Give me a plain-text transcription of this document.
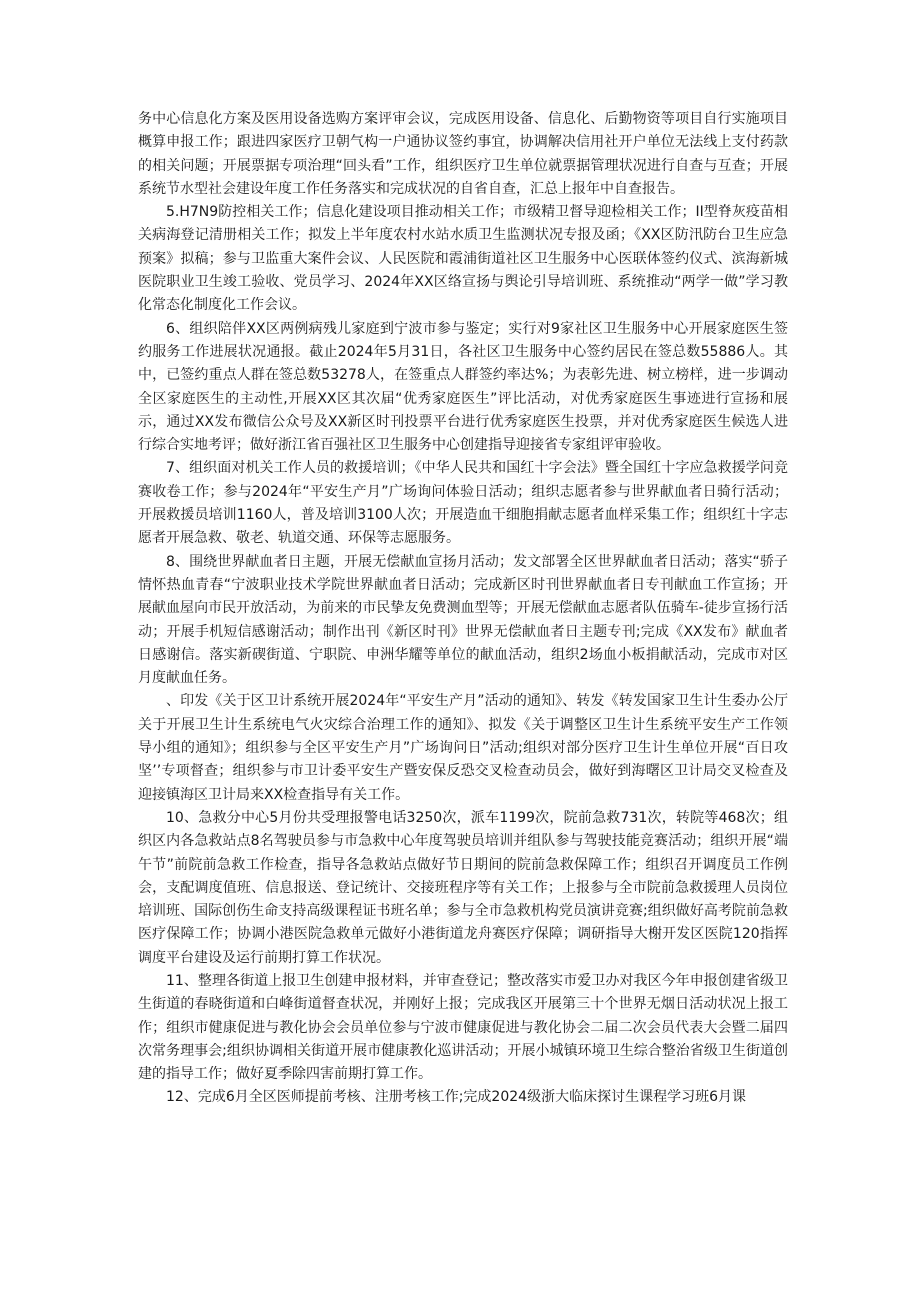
务中心信息化方案及医用设备选购方案评审会议，完成医用设备、信息化、后勤物资等项目自行实施项目概算申报工作；跟进四家医疗卫朝气构一户通协议签约事宜，协调解决信用社开户单位无法线上支付药款的相关问题；开展票据专项治理“回头看”工作，组织医疗卫生单位就票据管理状况进行自查与互查；开展系统节水型社会建设年度工作任务落实和完成状况的自省自查，汇总上报年中自查报告。

5.H7N9防控相关工作；信息化建设项目推动相关工作；市级精卫督导迎检相关工作；II型脊灰疫苗相关病海登记清册相关工作；拟发上半年度农村水站水质卫生监测状况专报及函；《XX区防汛防台卫生应急预案》拟稿；参与卫监重大案件会议、人民医院和霞浦街道社区卫生服务中心医联体签约仪式、滨海新城医院职业卫生竣工验收、党员学习、2024年XX区络宣扬与舆论引导培训班、系统推动“两学一做”学习教化常态化制度化工作会议。

6、组织陪伴XX区两例病残儿家庭到宁波市参与鉴定；实行对9家社区卫生服务中心开展家庭医生签约服务工作进展状况通报。截止2024年5月31日，各社区卫生服务中心签约居民在签总数55886人。其中，已签约重点人群在签总数53278人，在签重点人群签约率达%；为表彰先进、树立榜样，进一步调动全区家庭医生的主动性,开展XX区其次届“优秀家庭医生”评比活动，对优秀家庭医生事迹进行宣扬和展示，通过XX发布微信公众号及XX新区时刊投票平台进行优秀家庭医生投票，并对优秀家庭医生候选人进行综合实地考评；做好浙江省百强社区卫生服务中心创建指导迎接省专家组评审验收。

7、组织面对机关工作人员的救援培训；《中华人民共和国红十字会法》暨全国红十字应急救援学问竞赛收卷工作；参与2024年“平安生产月”广场询问体验日活动；组织志愿者参与世界献血者日骑行活动；开展救援员培训1160人，普及培训3100人次；开展造血干细胞捐献志愿者血样采集工作；组织红十字志愿者开展急救、敬老、轨道交通、环保等志愿服务。

8、围绕世界献血者日主题，开展无偿献血宣扬月活动；发文部署全区世界献血者日活动；落实“骄子情怀热血青春“宁波职业技术学院世界献血者日活动；完成新区时刊世界献血者日专刊献血工作宣扬；开展献血屋向市民开放活动，为前来的市民挚友免费测血型等；开展无偿献血志愿者队伍骑车-徒步宣扬行活动；开展手机短信感谢活动；制作出刊《新区时刊》世界无偿献血者日主题专刊;完成《XX发布》献血者日感谢信。落实新碶街道、宁职院、申洲华耀等单位的献血活动，组织2场血小板捐献活动，完成市对区月度献血任务。

、印发《关于区卫计系统开展2024年“平安生产月”活动的通知》、转发《转发国家卫生计生委办公厅关于开展卫生计生系统电气火灾综合治理工作的通知》、拟发《关于调整区卫生计生系统平安生产工作领导小组的通知》；组织参与全区平安生产月”广场询问日”活动;组织对部分医疗卫生计生单位开展“百日攻坚’’专项督查；组织参与市卫计委平安生产暨安保反恐交叉检查动员会，做好到海曙区卫计局交叉检查及迎接镇海区卫计局来XX检查指导有关工作。

10、急救分中心5月份共受理报警电话3250次，派车1199次，院前急救731次，转院等468次；组织区内各急救站点8名驾驶员参与市急救中心年度驾驶员培训并组队参与驾驶技能竞赛活动；组织开展“端午节”前院前急救工作检查，指导各急救站点做好节日期间的院前急救保障工作；组织召开调度员工作例会，支配调度值班、信息报送、登记统计、交接班程序等有关工作；上报参与全市院前急救援理人员岗位培训班、国际创伤生命支持高级课程证书班名单；参与全市急救机构党员演讲竞赛;组织做好高考院前急救医疗保障工作；协调小港医院急救单元做好小港街道龙舟赛医疗保障；调研指导大榭开发区医院120指挥调度平台建设及运行前期打算工作状况。

11、整理各街道上报卫生创建申报材料，并审查登记；整改落实市爱卫办对我区今年申报创建省级卫生街道的春晓街道和白峰街道督查状况，并刚好上报；完成我区开展第三十个世界无烟日活动状况上报工作；组织市健康促进与教化协会会员单位参与宁波市健康促进与教化协会二届二次会员代表大会暨二届四次常务理事会;组织协调相关街道开展市健康教化巡讲活动；开展小城镇环境卫生综合整治省级卫生街道创建的指导工作；做好夏季除四害前期打算工作。

12、完成6月全区医师提前考核、注册考核工作;完成2024级浙大临床探讨生课程学习班6月课
